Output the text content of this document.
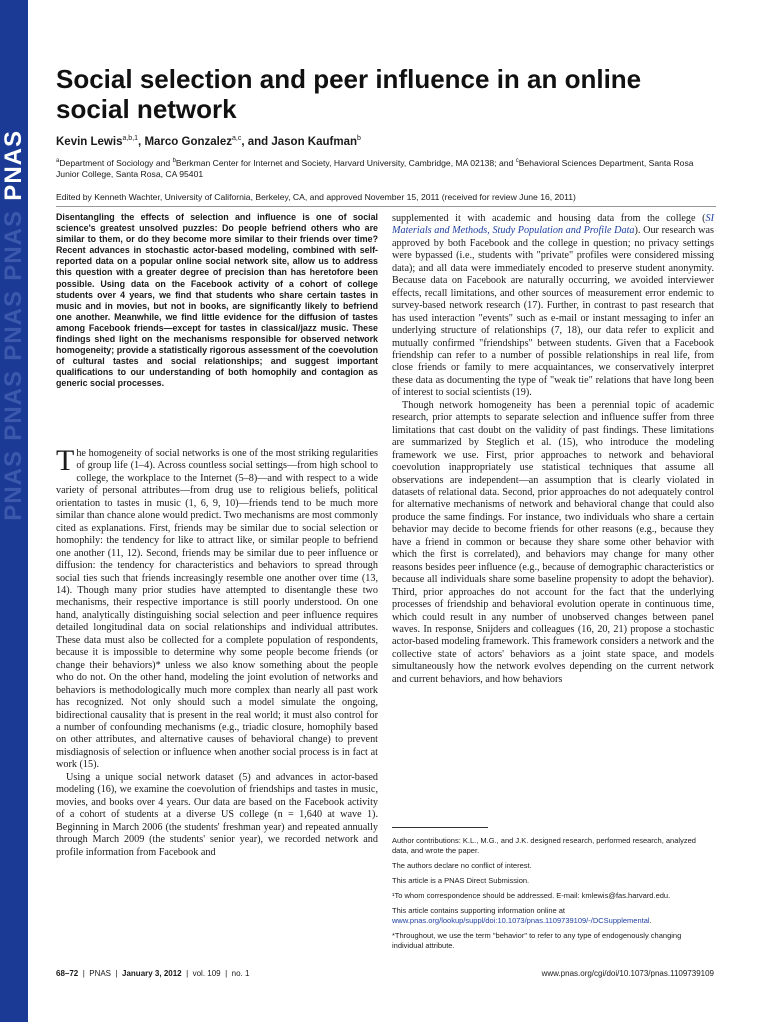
PNAS
PNAS
PNAS
PNAS
PNAS
Social selection and peer influence in an online social network
Kevin Lewis$^{a,b,1}$, Marco Gonzalez$^{a,c}$, and Jason Kaufman$^b$
$^a$Department of Sociology and $^b$Berkman Center for Internet and Society, Harvard University, Cambridge, MA 02138; and $^c$Behavioral Sciences Department, Santa Rosa Junior College, Santa Rosa, CA 95401
Edited by Kenneth Wachter, University of California, Berkeley, CA, and approved November 15, 2011 (received for review June 16, 2011)

Disentangling the effects of selection and influence is one of social science's greatest unsolved puzzles: Do people befriend others who are similar to them, or do they become more similar to their friends over time? Recent advances in stochastic actor-based modeling, combined with self-reported data on a popular online social network site, allow us to address this question with a greater degree of precision than has heretofore been possible. Using data on the Facebook activity of a cohort of college students over 4 years, we find that students who share certain tastes in music and in movies, but not in books, are significantly likely to befriend one another. Meanwhile, we find little evidence for the diffusion of tastes among Facebook friends—except for tastes in classical/jazz music. These findings shed light on the mechanisms responsible for observed network homogeneity; provide a statistically rigorous assessment of the coevolution of cultural tastes and social relationships; and suggest important qualifications to our understanding of both homophily and contagion as generic social processes.

The homogeneity of social networks is one of the most striking regularities of group life (1–4). Across countless social settings—from high school to college, the workplace to the Internet (5–8)—and with respect to a wide variety of personal attributes—from drug use to religious beliefs, political orientation to tastes in music (1, 6, 9, 10)—friends tend to be much more similar than chance alone would predict. Two mechanisms are most commonly cited as explanations. First, friends may be similar due to social selection or homophily: the tendency for like to attract like, or similar people to befriend one another (11, 12). Second, friends may be similar due to peer influence or diffusion: the tendency for characteristics and behaviors to spread through social ties such that friends increasingly resemble one another over time (13, 14). Though many prior studies have attempted to disentangle these two mechanisms, their respective importance is still poorly understood. On one hand, analytically distinguishing social selection and peer influence requires detailed longitudinal data on social relationships and individual attributes. These data must also be collected for a complete population of respondents, because it is impossible to determine why some people become friends (or change their behaviors)* unless we also know something about the people who do not. On the other hand, modeling the joint evolution of networks and behaviors is methodologically much more complex than nearly all past work has recognized. Not only should such a model simulate the ongoing, bidirectional causality that is present in the real world; it must also control for a number of confounding mechanisms (e.g., triadic closure, homophily based on other attributes, and alternative causes of behavioral change) to prevent misdiagnosis of selection or influence when another social process is in fact at work (15).

Using a unique social network dataset (5) and advances in actor-based modeling (16), we examine the coevolution of friendships and tastes in music, movies, and books over 4 years. Our data are based on the Facebook activity of a cohort of students at a diverse US college (n = 1,640 at wave 1). Beginning in March 2006 (the students' freshman year) and repeated annually through March 2009 (the students' senior year), we recorded network and profile information from Facebook and

supplemented it with academic and housing data from the college (SI Materials and Methods, Study Population and Profile Data). Our research was approved by both Facebook and the college in question; no privacy settings were bypassed (i.e., students with "private" profiles were considered missing data); and all data were immediately encoded to preserve student anonymity. Because data on Facebook are naturally occurring, we avoided interviewer effects, recall limitations, and other sources of measurement error endemic to survey-based network research (17). Further, in contrast to past research that has used interaction "events" such as e-mail or instant messaging to infer an underlying structure of relationships (7, 18), our data refer to explicit and mutually confirmed "friendships" between students. Given that a Facebook friendship can refer to a number of possible relationships in real life, from close friends or family to mere acquaintances, we conservatively interpret these data as documenting the type of "weak tie" relations that have long been of interest to social scientists (19).

Though network homogeneity has been a perennial topic of academic research, prior attempts to separate selection and influence suffer from three limitations that cast doubt on the validity of past findings. These limitations are summarized by Steglich et al. (15), who introduce the modeling framework we use. First, prior approaches to network and behavioral coevolution inappropriately use statistical techniques that assume all observations are independent—an assumption that is clearly violated in datasets of relational data. Second, prior approaches do not adequately control for alternative mechanisms of network and behavioral change that could also produce the same findings. For instance, two individuals who share a certain behavior may decide to become friends for other reasons (e.g., because they have a friend in common or because they share some other behavior with which the first is correlated), and behaviors may change for many other reasons besides peer influence (e.g., because of demographic characteristics or because all individuals share some baseline propensity to adopt the behavior). Third, prior approaches do not account for the fact that the underlying processes of friendship and behavioral evolution operate in continuous time, which could result in any number of unobserved changes between panel waves. In response, Snijders and colleagues (16, 20, 21) propose a stochastic actor-based modeling framework. This framework considers a network and the collective state of actors' behaviors as a joint state space, and models simultaneously how the network evolves depending on the current network and current behaviors, and how behaviors

Author contributions: K.L., M.G., and J.K. designed research, performed research, analyzed data, and wrote the paper.

The authors declare no conflict of interest.

This article is a PNAS Direct Submission.

¹To whom correspondence should be addressed. E-mail: kmlewis@fas.harvard.edu.

This article contains supporting information online at www.pnas.org/lookup/suppl/doi:10.1073/pnas.1109739109/-/DCSupplemental.

*Throughout, we use the term "behavior" to refer to any type of endogenously changing individual attribute.

68–72 | PNAS | January 3, 2012 | vol. 109 | no. 1	www.pnas.org/cgi/doi/10.1073/pnas.1109739109
